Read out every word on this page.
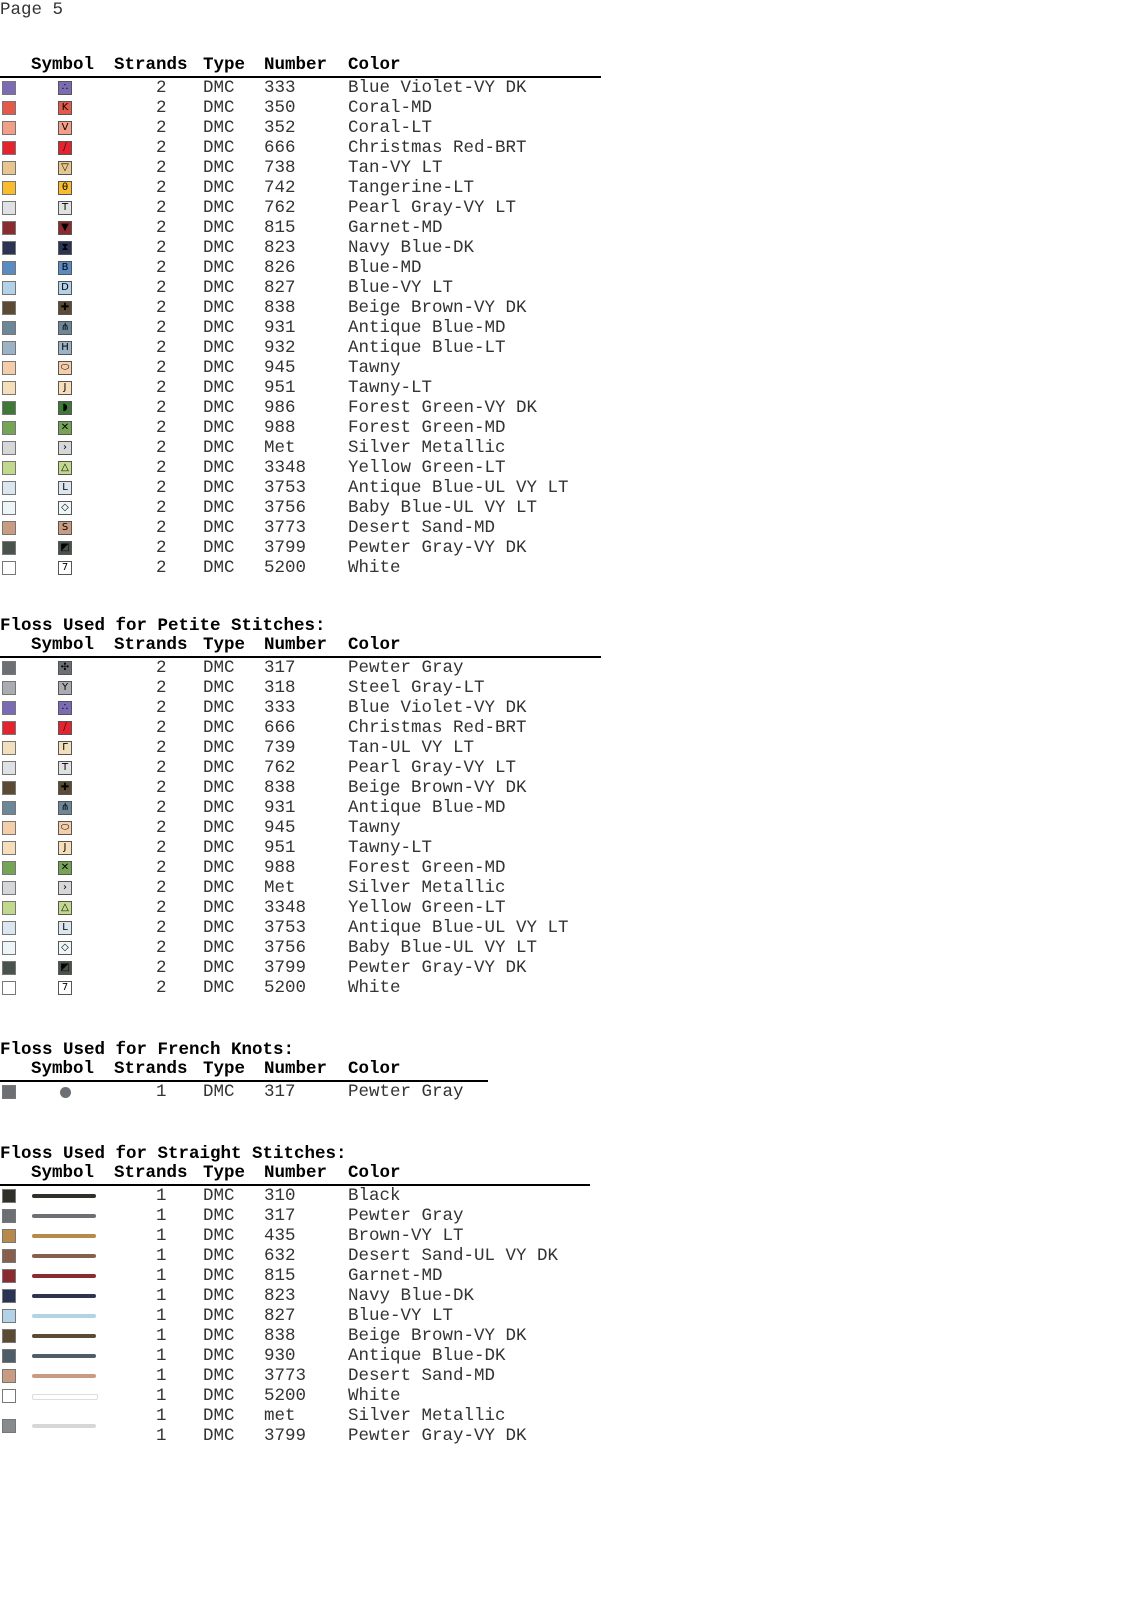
Page 5
Symbol Strands Type Number Color
∴	2 DMC 333	Blue Violet-VY DK
K	2 DMC 350	Coral-MD
V	2 DMC 352	Coral-LT
⧸	2 DMC 666	Christmas Red-BRT
▽	2 DMC 738	Tan-VY LT
θ	2 DMC 742	Tangerine-LT
T	2 DMC 762	Pearl Gray-VY LT
▼	2 DMC 815	Garnet-MD
⧗	2 DMC 823	Navy Blue-DK
B	2 DMC 826	Blue-MD
D	2 DMC 827	Blue-VY LT
✚	2 DMC 838	Beige Brown-VY DK
⋔	2 DMC 931	Antique Blue-MD
H	2 DMC 932	Antique Blue-LT
⬭	2 DMC 945	Tawny
J	2 DMC 951	Tawny-LT
◗	2 DMC 986	Forest Green-VY DK
✕	2 DMC 988	Forest Green-MD
›	2 DMC Met	Silver Metallic
△	2 DMC 3348 Yellow Green-LT
L	2 DMC 3753 Antique Blue-UL VY LT
◇	2 DMC 3756 Baby Blue-UL VY LT
S	2 DMC 3773 Desert Sand-MD
◩	2 DMC 3799 Pewter Gray-VY DK
7	2 DMC 5200 White
Floss Used for Petite Stitches:
Symbol Strands Type Number Color
✣	2 DMC 317	Pewter Gray
Y	2 DMC 318	Steel Gray-LT
∴	2 DMC 333	Blue Violet-VY DK
⧸	2 DMC 666	Christmas Red-BRT
Γ	2 DMC 739	Tan-UL VY LT
T	2 DMC 762	Pearl Gray-VY LT
✚	2 DMC 838	Beige Brown-VY DK
⋔	2 DMC 931	Antique Blue-MD
⬭	2 DMC 945	Tawny
J	2 DMC 951	Tawny-LT
✕	2 DMC 988	Forest Green-MD
›	2 DMC Met	Silver Metallic
△	2 DMC 3348 Yellow Green-LT
L	2 DMC 3753 Antique Blue-UL VY LT
◇	2 DMC 3756 Baby Blue-UL VY LT
◩	2 DMC 3799 Pewter Gray-VY DK
7	2 DMC 5200 White
Floss Used for French Knots:
Symbol Strands Type Number Color
1 DMC 317	Pewter Gray
Floss Used for Straight Stitches:
Symbol Strands Type Number Color
1 DMC 310	Black
1 DMC 317	Pewter Gray
1 DMC 435	Brown-VY LT
1 DMC 632	Desert Sand-UL VY DK
1 DMC 815	Garnet-MD
1 DMC 823	Navy Blue-DK
1 DMC 827	Blue-VY LT
1 DMC 838	Beige Brown-VY DK
1 DMC 930	Antique Blue-DK
1 DMC 3773 Desert Sand-MD
1 DMC 5200 White
1 DMC met	Silver Metallic
1 DMC 3799 Pewter Gray-VY DK
